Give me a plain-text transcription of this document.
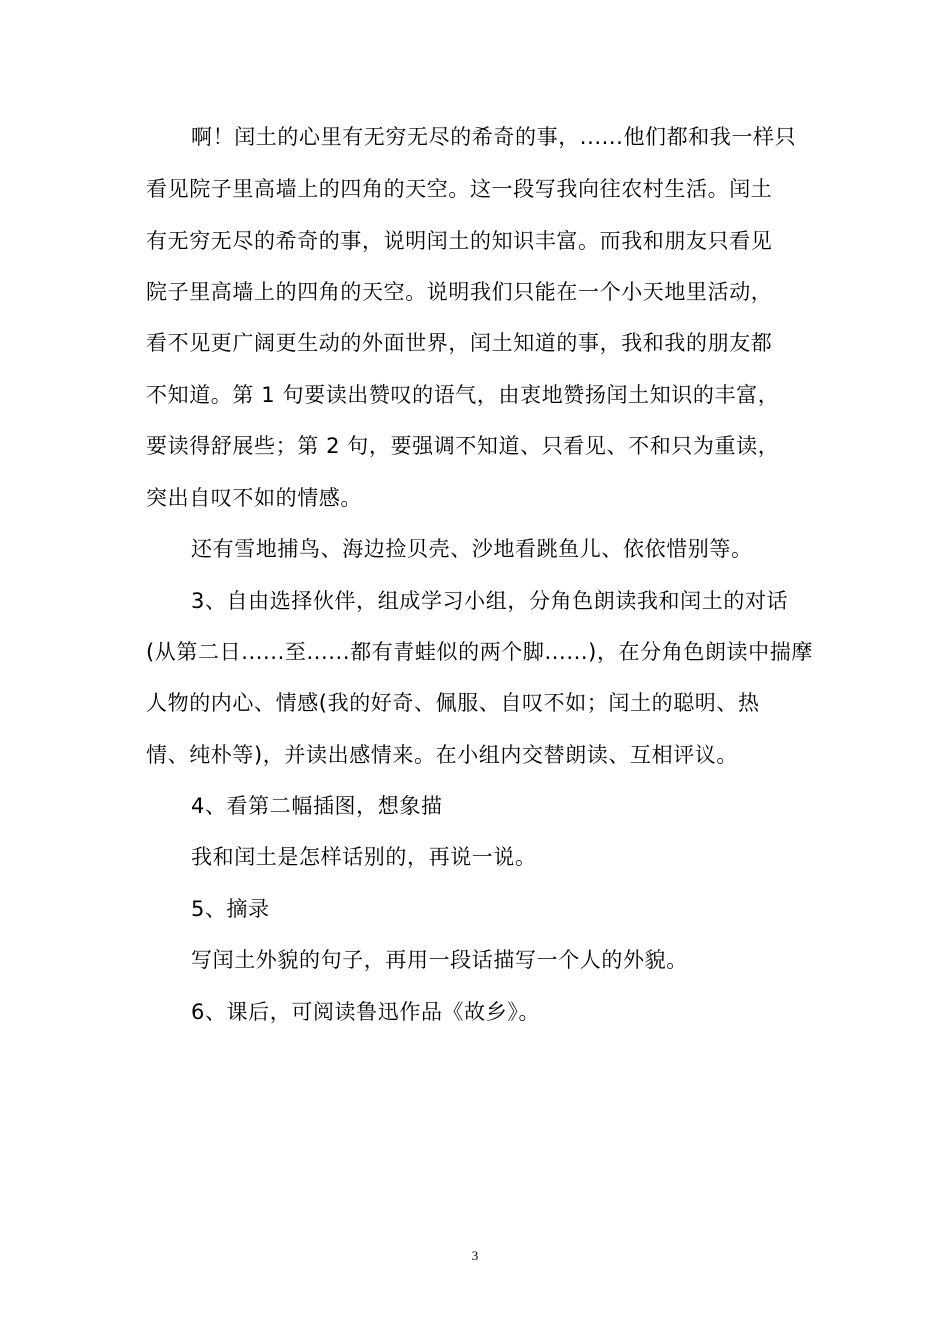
啊！闰土的心里有无穷无尽的希奇的事，......他们都和我一样只
看见院子里高墙上的四角的天空。这一段写我向往农村生活。闰土
有无穷无尽的希奇的事，说明闰土的知识丰富。而我和朋友只看见
院子里高墙上的四角的天空。说明我们只能在一个小天地里活动，
看不见更广阔更生动的外面世界，闰土知道的事，我和我的朋友都
不知道。第 1 句要读出赞叹的语气，由衷地赞扬闰土知识的丰富，
要读得舒展些；第 2 句，要强调不知道、只看见、不和只为重读，
突出自叹不如的情感。
还有雪地捕鸟、海边捡贝壳、沙地看跳鱼儿、依依惜别等。
3、自由选择伙伴，组成学习小组，分角色朗读我和闰土的对话
(从第二日......至......都有青蛙似的两个脚......)，在分角色朗读中揣摩
人物的内心、情感(我的好奇、佩服、自叹不如；闰土的聪明、热
情、纯朴等)，并读出感情来。在小组内交替朗读、互相评议。
4、看第二幅插图，想象描
我和闰土是怎样话别的，再说一说。
5、摘录
写闰土外貌的句子，再用一段话描写一个人的外貌。
6、课后，可阅读鲁迅作品《故乡》。
3
